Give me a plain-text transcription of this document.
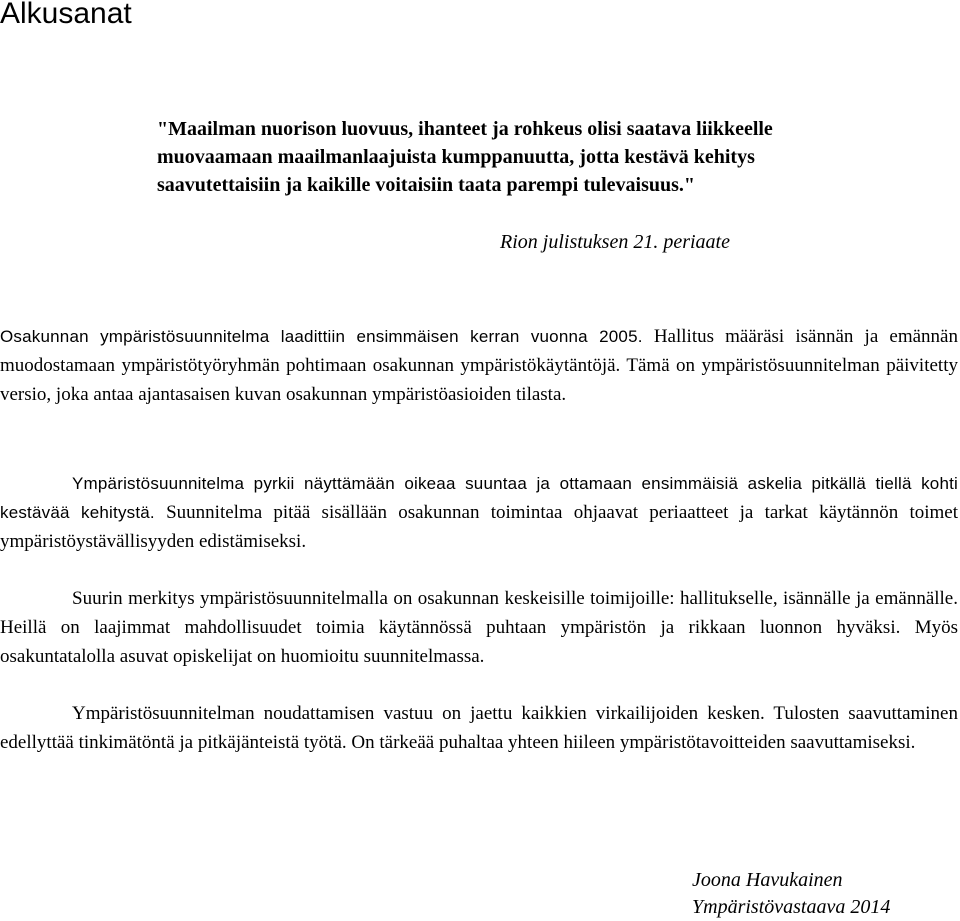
Alkusanat

"Maailman nuorison luovuus, ihanteet ja rohkeus olisi saatava liikkeelle muovaamaan maailmanlaajuista kumppanuutta, jotta kestävä kehitys saavutettaisiin ja kaikille voitaisiin taata parempi tulevaisuus."

Rion julistuksen 21. periaate

Osakunnan ympäristösuunnitelma laadittiin ensimmäisen kerran vuonna 2005. Hallitus määräsi isännän ja emännän muodostamaan ympäristötyöryhmän pohtimaan osakunnan ympäristökäytäntöjä. Tämä on ympäristösuunnitelman päivitetty versio, joka antaa ajantasaisen kuvan osakunnan ympäristöasioiden tilasta.

Ympäristösuunnitelma pyrkii näyttämään oikeaa suuntaa ja ottamaan ensimmäisiä askelia pitkällä tiellä kohti kestävää kehitystä. Suunnitelma pitää sisällään osakunnan toimintaa ohjaavat periaatteet ja tarkat käytännön toimet ympäristöystävällisyyden edistämiseksi.

Suurin merkitys ympäristösuunnitelmalla on osakunnan keskeisille toimijoille: hallitukselle, isännälle ja emännälle. Heillä on laajimmat mahdollisuudet toimia käytännössä puhtaan ympäristön ja rikkaan luonnon hyväksi. Myös osakuntatalolla asuvat opiskelijat on huomioitu suunnitelmassa.

Ympäristösuunnitelman noudattamisen vastuu on jaettu kaikkien virkailijoiden kesken. Tulosten saavuttaminen edellyttää tinkimätöntä ja pitkäjänteistä työtä. On tärkeää puhaltaa yhteen hiileen ympäristötavoitteiden saavuttamiseksi.

Joona Havukainen
Ympäristövastaava 2014
